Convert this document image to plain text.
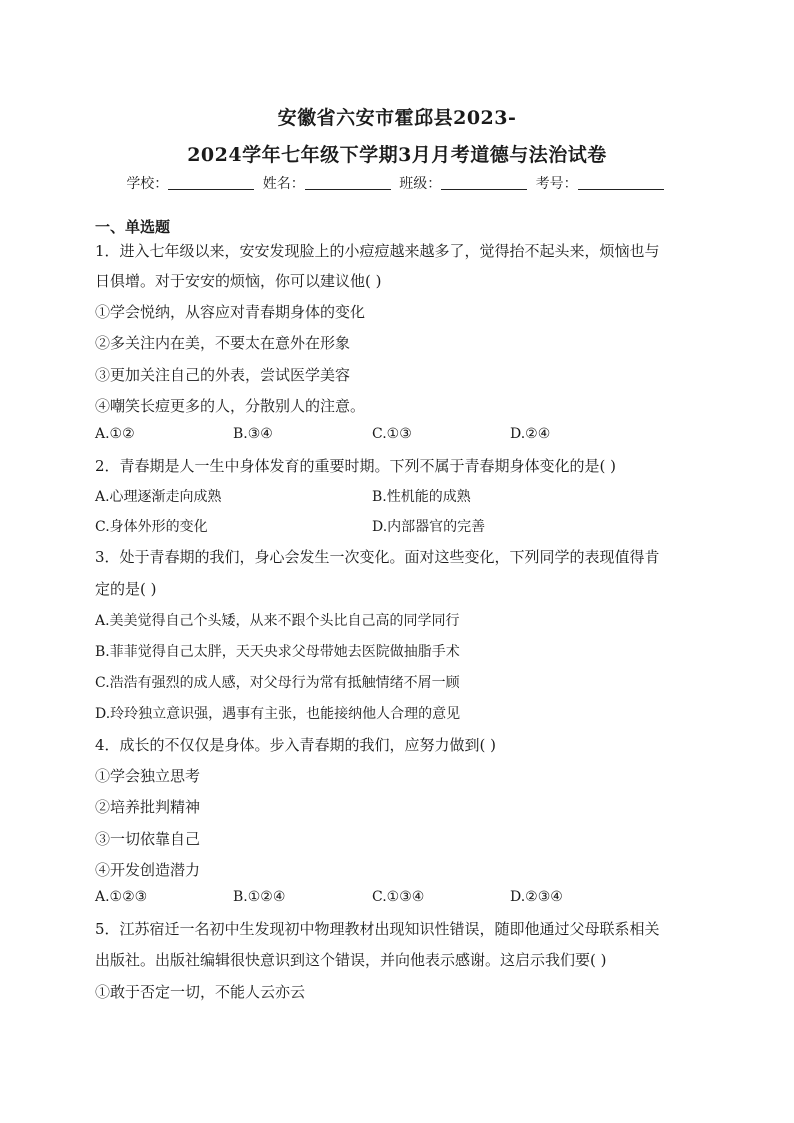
安徽省六安市霍邱县2023-
2024学年七年级下学期3月月考道德与法治试卷
学校：	姓名：	班级：	考号：
一、单选题
1．进入七年级以来，安安发现脸上的小痘痘越来越多了，觉得抬不起头来，烦恼也与
日俱增。对于安安的烦恼，你可以建议他( )
①学会悦纳，从容应对青春期身体的变化
②多关注内在美，不要太在意外在形象
③更加关注自己的外表，尝试医学美容
④嘲笑长痘更多的人，分散别人的注意。
A.①②	B.③④	C.①③	D.②④
2．青春期是人一生中身体发育的重要时期。下列不属于青春期身体变化的是( )
A.心理逐渐走向成熟	B.性机能的成熟
C.身体外形的变化	D.内部器官的完善
3．处于青春期的我们，身心会发生一次变化。面对这些变化，下列同学的表现值得肯
定的是( )
A.美美觉得自己个头矮，从来不跟个头比自己高的同学同行
B.菲菲觉得自己太胖，天天央求父母带她去医院做抽脂手术
C.浩浩有强烈的成人感，对父母行为常有抵触情绪不屑一顾
D.玲玲独立意识强，遇事有主张，也能接纳他人合理的意见
4．成长的不仅仅是身体。步入青春期的我们，应努力做到( )
①学会独立思考
②培养批判精神
③一切依靠自己
④开发创造潜力
A.①②③	B.①②④	C.①③④	D.②③④
5．江苏宿迁一名初中生发现初中物理教材出现知识性错误，随即他通过父母联系相关
出版社。出版社编辑很快意识到这个错误，并向他表示感谢。这启示我们要( )
①敢于否定一切，不能人云亦云
